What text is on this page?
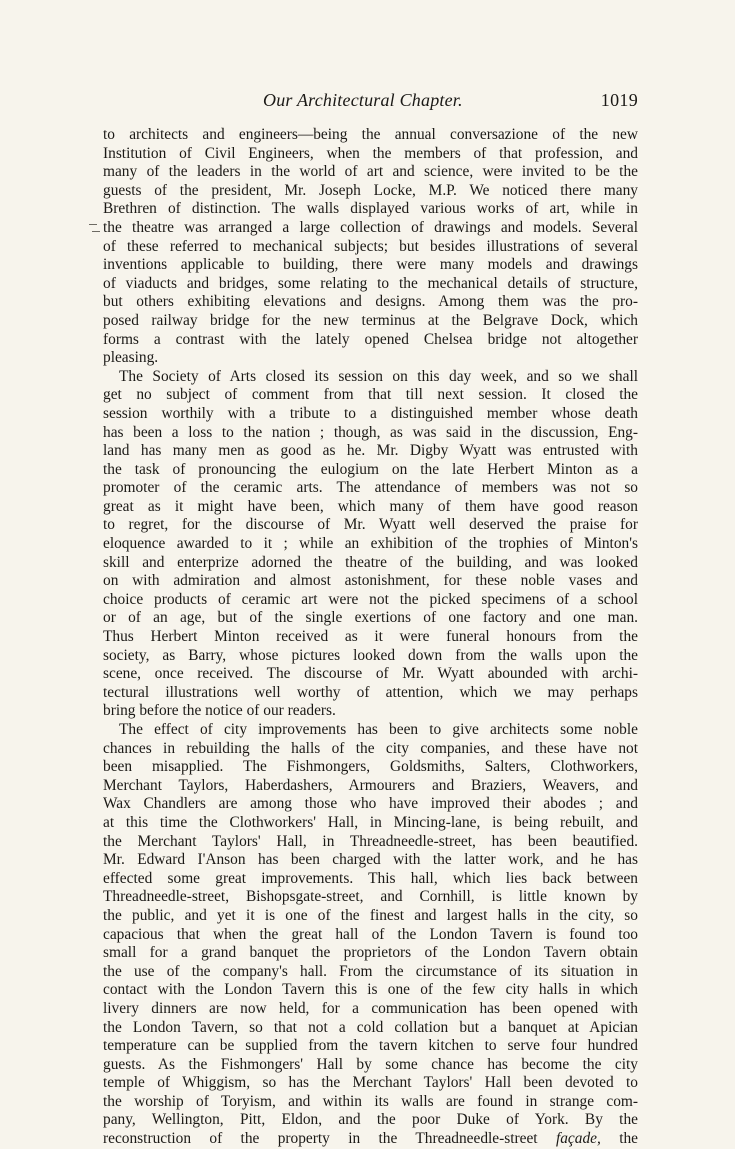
Our Architectural Chapter.	1019
to architects and engineers—being the annual conversazione of the new
Institution of Civil Engineers, when the members of that profession, and
many of the leaders in the world of art and science, were invited to be the
guests of the president, Mr. Joseph Locke, M.P. We noticed there many
Brethren of distinction. The walls displayed various works of art, while in
the theatre was arranged a large collection of drawings and models. Several
of these referred to mechanical subjects; but besides illustrations of several
inventions applicable to building, there were many models and drawings
of viaducts and bridges, some relating to the mechanical details of structure,
but others exhibiting elevations and designs. Among them was the pro-
posed railway bridge for the new terminus at the Belgrave Dock, which
forms a contrast with the lately opened Chelsea bridge not altogether
pleasing.
The Society of Arts closed its session on this day week, and so we shall
get no subject of comment from that till next session. It closed the
session worthily with a tribute to a distinguished member whose death
has been a loss to the nation ; though, as was said in the discussion, Eng-
land has many men as good as he. Mr. Digby Wyatt was entrusted with
the task of pronouncing the eulogium on the late Herbert Minton as a
promoter of the ceramic arts. The attendance of members was not so
great as it might have been, which many of them have good reason
to regret, for the discourse of Mr. Wyatt well deserved the praise for
eloquence awarded to it ; while an exhibition of the trophies of Minton's
skill and enterprize adorned the theatre of the building, and was looked
on with admiration and almost astonishment, for these noble vases and
choice products of ceramic art were not the picked specimens of a school
or of an age, but of the single exertions of one factory and one man.
Thus Herbert Minton received as it were funeral honours from the
society, as Barry, whose pictures looked down from the walls upon the
scene, once received. The discourse of Mr. Wyatt abounded with archi-
tectural illustrations well worthy of attention, which we may perhaps
bring before the notice of our readers.
The effect of city improvements has been to give architects some noble
chances in rebuilding the halls of the city companies, and these have not
been misapplied. The Fishmongers, Goldsmiths, Salters, Clothworkers,
Merchant Taylors, Haberdashers, Armourers and Braziers, Weavers, and
Wax Chandlers are among those who have improved their abodes ; and
at this time the Clothworkers' Hall, in Mincing-lane, is being rebuilt, and
the Merchant Taylors' Hall, in Threadneedle-street, has been beautified.
Mr. Edward I'Anson has been charged with the latter work, and he has
effected some great improvements. This hall, which lies back between
Threadneedle-street, Bishopsgate-street, and Cornhill, is little known by
the public, and yet it is one of the finest and largest halls in the city, so
capacious that when the great hall of the London Tavern is found too
small for a grand banquet the proprietors of the London Tavern obtain
the use of the company's hall. From the circumstance of its situation in
contact with the London Tavern this is one of the few city halls in which
livery dinners are now held, for a communication has been opened with
the London Tavern, so that not a cold collation but a banquet at Apician
temperature can be supplied from the tavern kitchen to serve four hundred
guests. As the Fishmongers' Hall by some chance has become the city
temple of Whiggism, so has the Merchant Taylors' Hall been devoted to
the worship of Toryism, and within its walls are found in strange com-
pany, Wellington, Pitt, Eldon, and the poor Duke of York. By the
reconstruction of the property in the Threadneedle-street façade, the
